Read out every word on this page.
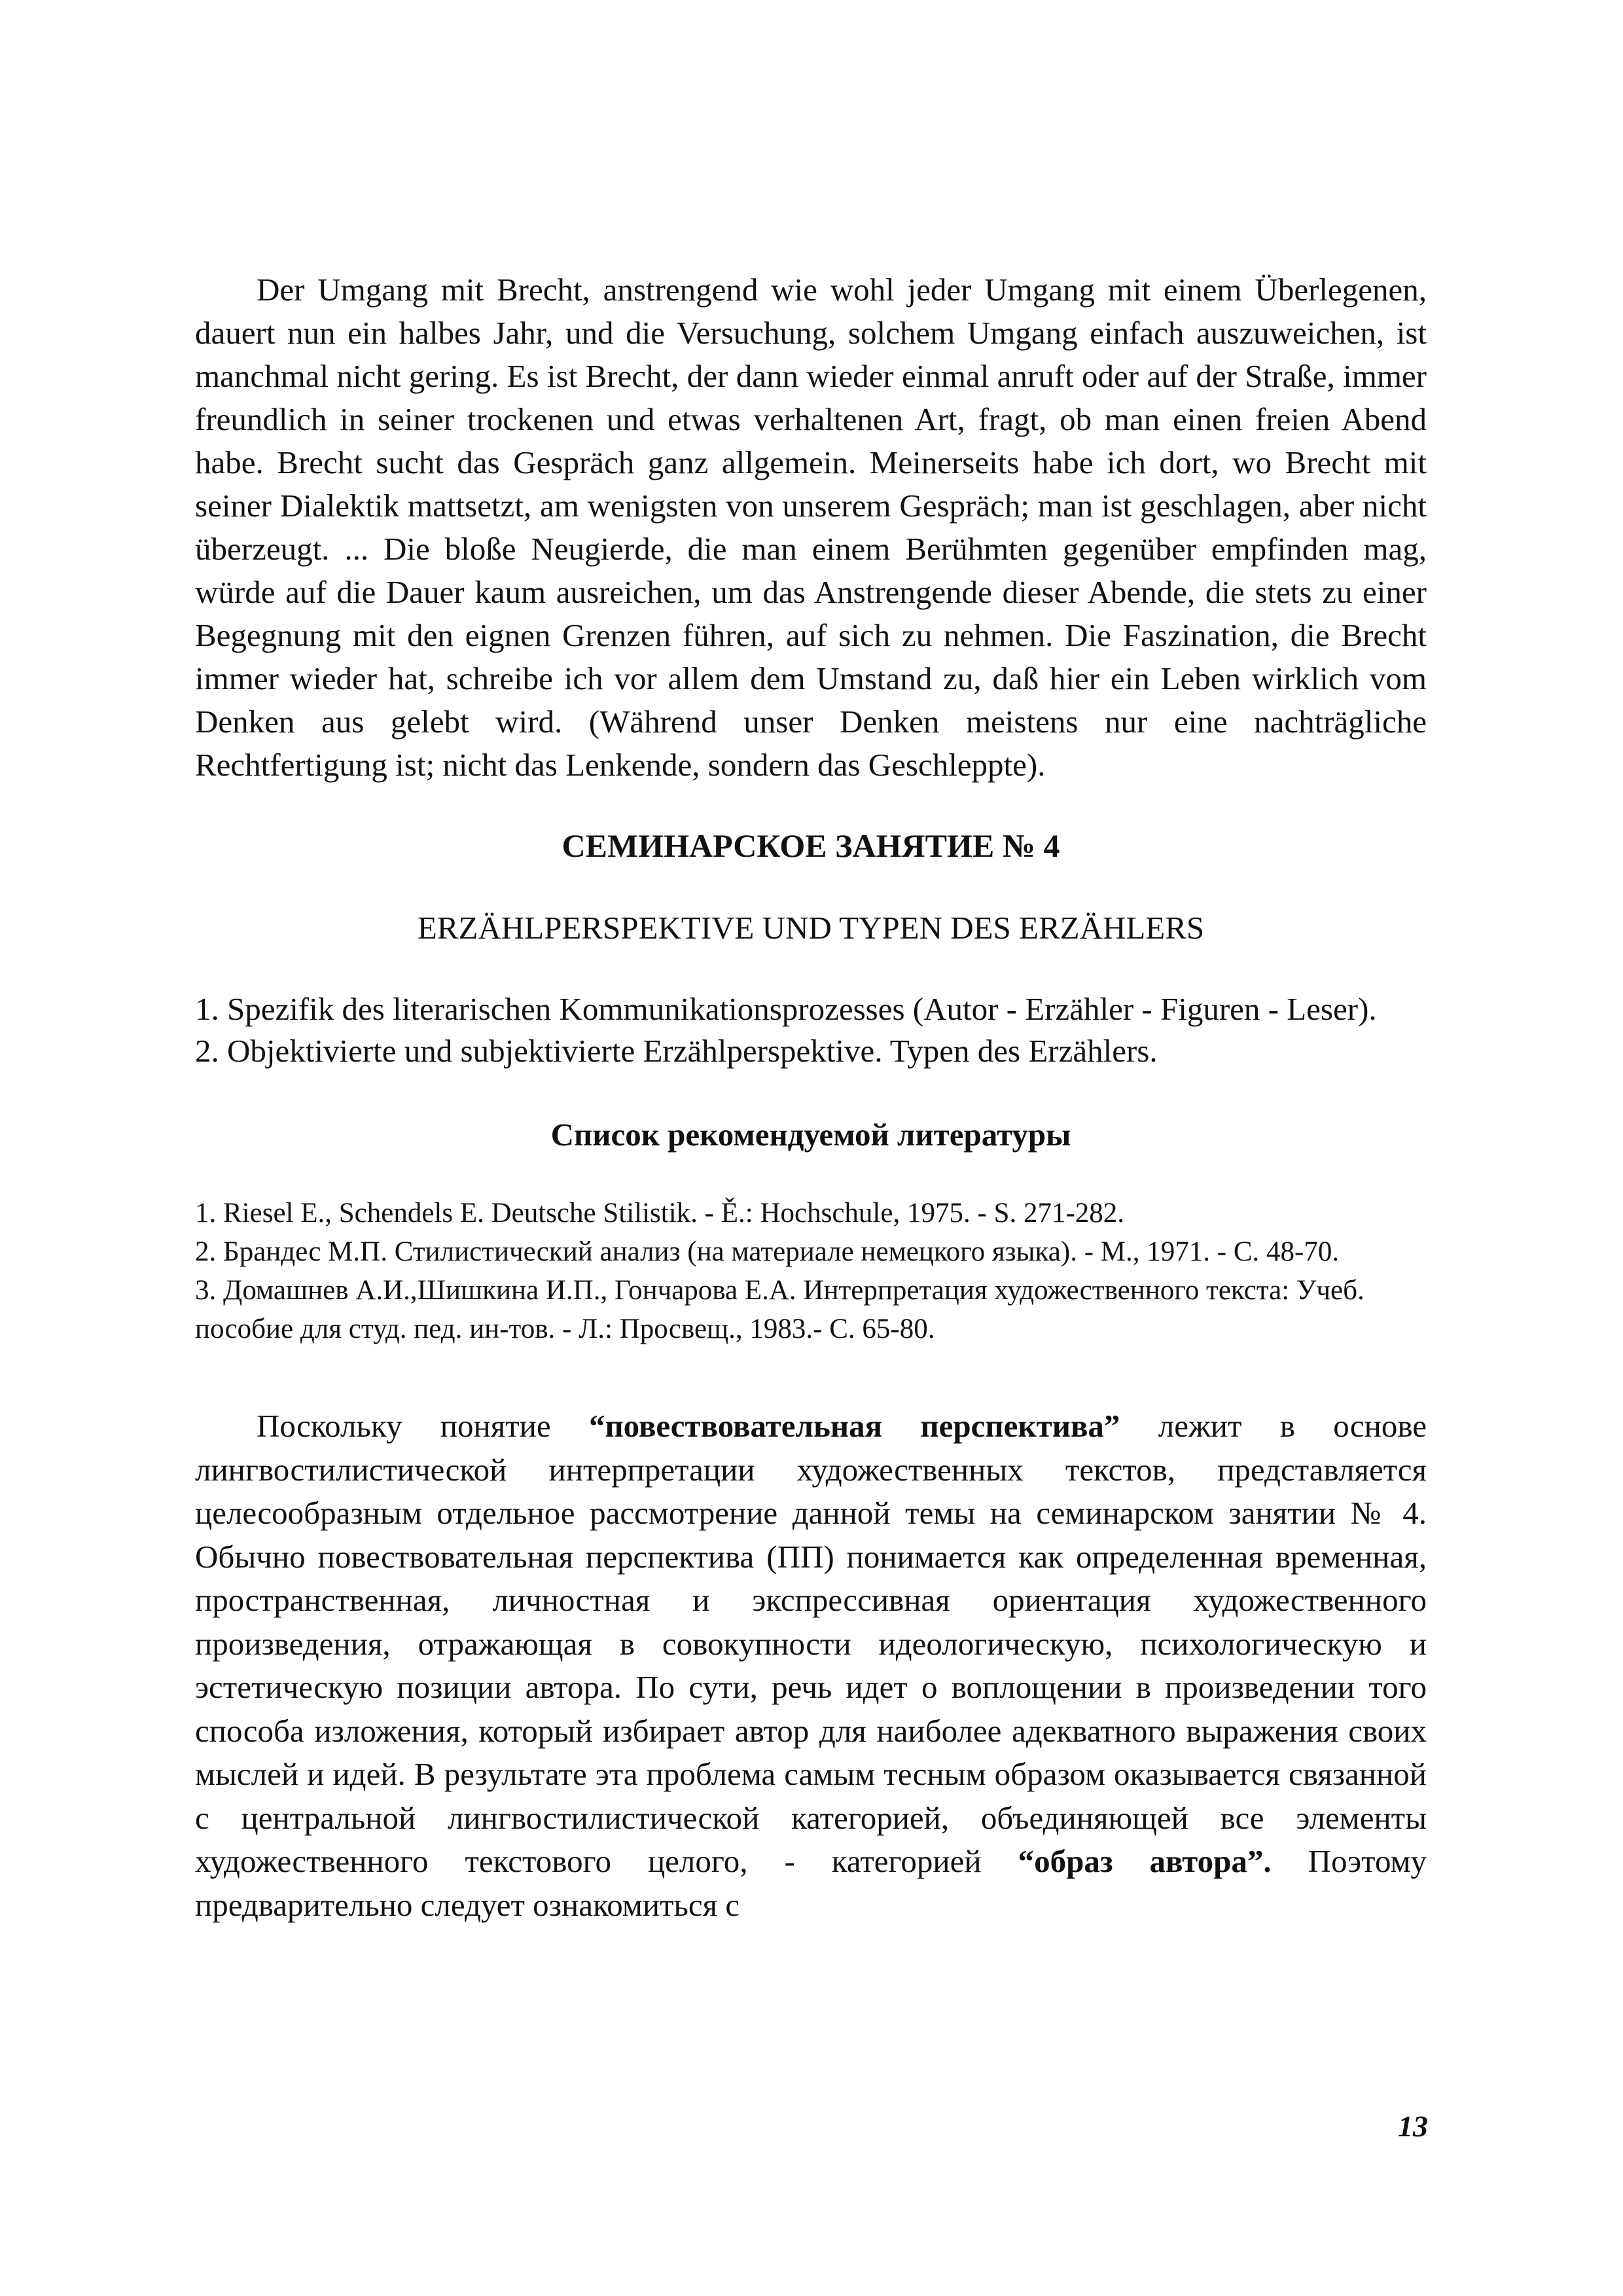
Der Umgang mit Brecht, anstrengend wie wohl jeder Umgang mit einem Überlegenen, dauert nun ein halbes Jahr, und die Versuchung, solchem Umgang einfach auszuweichen, ist manchmal nicht gering. Es ist Brecht, der dann wieder einmal anruft oder auf der Straße, immer freundlich in seiner trockenen und etwas verhaltenen Art, fragt, ob man einen freien Abend habe. Brecht sucht das Gespräch ganz allgemein. Meinerseits habe ich dort, wo Brecht mit seiner Dialektik mattsetzt, am wenigsten von unserem Gespräch; man ist geschlagen, aber nicht überzeugt. ... Die bloße Neugierde, die man einem Berühmten gegenüber empfinden mag, würde auf die Dauer kaum ausreichen, um das Anstrengende dieser Abende, die stets zu einer Begegnung mit den eignen Grenzen führen, auf sich zu nehmen. Die Faszination, die Brecht immer wieder hat, schreibe ich vor allem dem Umstand zu, daß hier ein Leben wirklich vom Denken aus gelebt wird. (Während unser Denken meistens nur eine nachträgliche Rechtfertigung ist; nicht das Lenkende, sondern das Geschleppte).

СЕМИНАРСКОЕ ЗАНЯТИЕ № 4
ERZÄHLPERSPEKTIVE UND TYPEN DES ERZÄHLERS
1. Spezifik des literarischen Kommunikationsprozesses (Autor - Erzähler - Figuren - Leser).
2. Objektivierte und subjektivierte Erzählperspektive. Typen des Erzählers.
Список рекомендуемой литературы
1. Riesel E., Schendels E. Deutsche Stilistik. - Ě.: Hochschule, 1975. - S. 271-282.
2. Брандес М.П. Стилистический анализ (на материале немецкого языка). - М., 1971. - С. 48-70.
3. Домашнев А.И.,Шишкина И.П., Гончарова Е.А. Интерпретация художественного текста: Учеб. пособие для студ. пед. ин-тов. - Л.: Просвещ., 1983.- С. 65-80.

Поскольку понятие “повествовательная перспектива” лежит в основе лингвостилистической интерпретации художественных текстов, представляется целесообразным отдельное рассмотрение данной темы на семинарском занятии № 4. Обычно повествовательная перспектива (ПП) понимается как определенная временная, пространственная, личностная и экспрессивная ориентация художественного произведения, отражающая в совокупности идеологическую, психологическую и эстетическую позиции автора. По сути, речь идет о воплощении в произведении того способа изложения, который избирает автор для наиболее адекватного выражения своих мыслей и идей. В результате эта проблема самым тесным образом оказывается связанной с центральной лингвостилистической категорией, объединяющей все элементы художественного текстового целого, - категорией “образ автора”. Поэтому предварительно следует ознакомиться с

13
